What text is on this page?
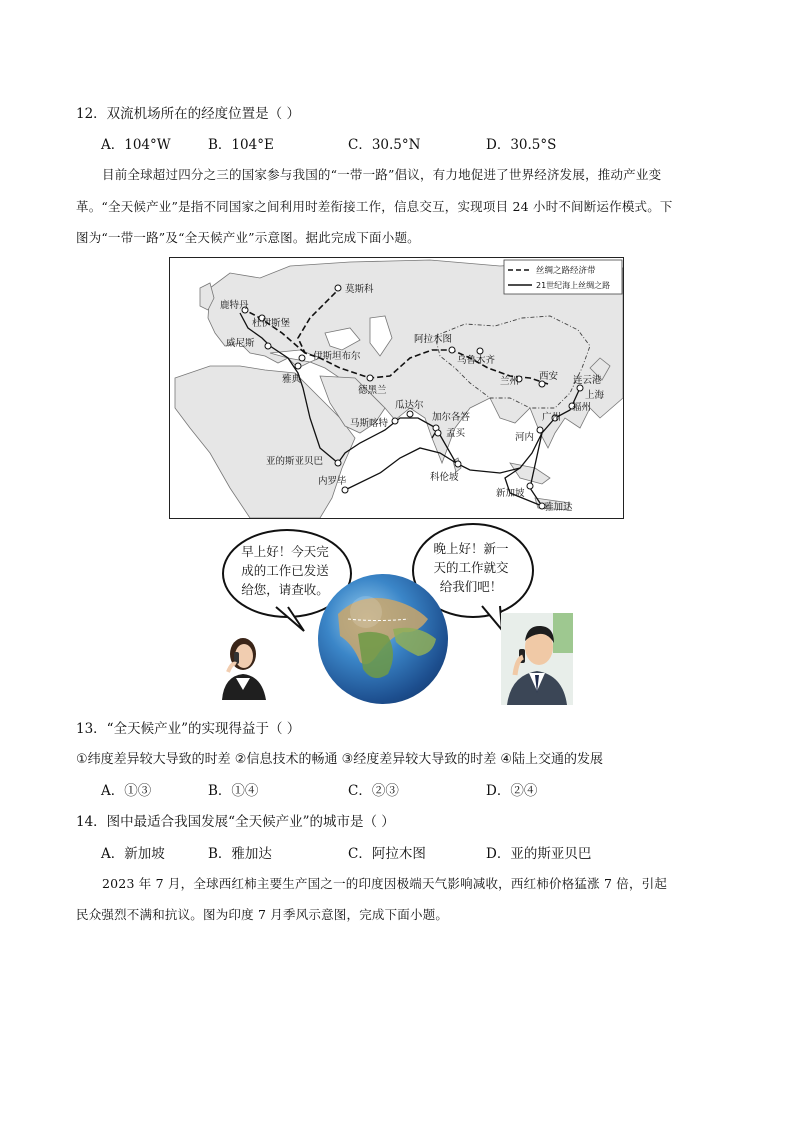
12．双流机场所在的经度位置是（ ）
A．104°W	B．104°E	C．30.5°N	D．30.5°S
目前全球超过四分之三的国家参与我国的“一带一路”倡议，有力地促进了世界经济发展，推动产业变
革。“全天候产业”是指不同国家之间利用时差衔接工作，信息交互，实现项目 24 小时不间断运作模式。下
图为“一带一路”及“全天候产业”示意图。据此完成下面小题。
丝绸之路经济带
21世纪海上丝绸之路
莫斯科
鹿特丹
杜伊斯堡
威尼斯
伊斯坦布尔
雅典
德黑兰
阿拉木图
乌鲁木齐
兰州 西安 连云港
上海
福州
广州
河内
瓜达尔
马斯喀特
加尔各答
孟买
科伦坡
新加坡
雅加达
亚的斯亚贝巴
内罗毕
早上好！今天完
成的工作已发送
给您，请查收。
晚上好！新一
天的工作就交
给我们吧！
13．“全天候产业”的实现得益于（ ）
①纬度差异较大导致的时差 ②信息技术的畅通 ③经度差异较大导致的时差 ④陆上交通的发展
A．①③	B．①④	C．②③	D．②④
14．图中最适合我国发展“全天候产业”的城市是（ ）
A．新加坡	B．雅加达	C．阿拉木图	D．亚的斯亚贝巴
2023 年 7 月，全球西红柿主要生产国之一的印度因极端天气影响减收，西红柿价格猛涨 7 倍，引起
民众强烈不满和抗议。图为印度 7 月季风示意图，完成下面小题。
